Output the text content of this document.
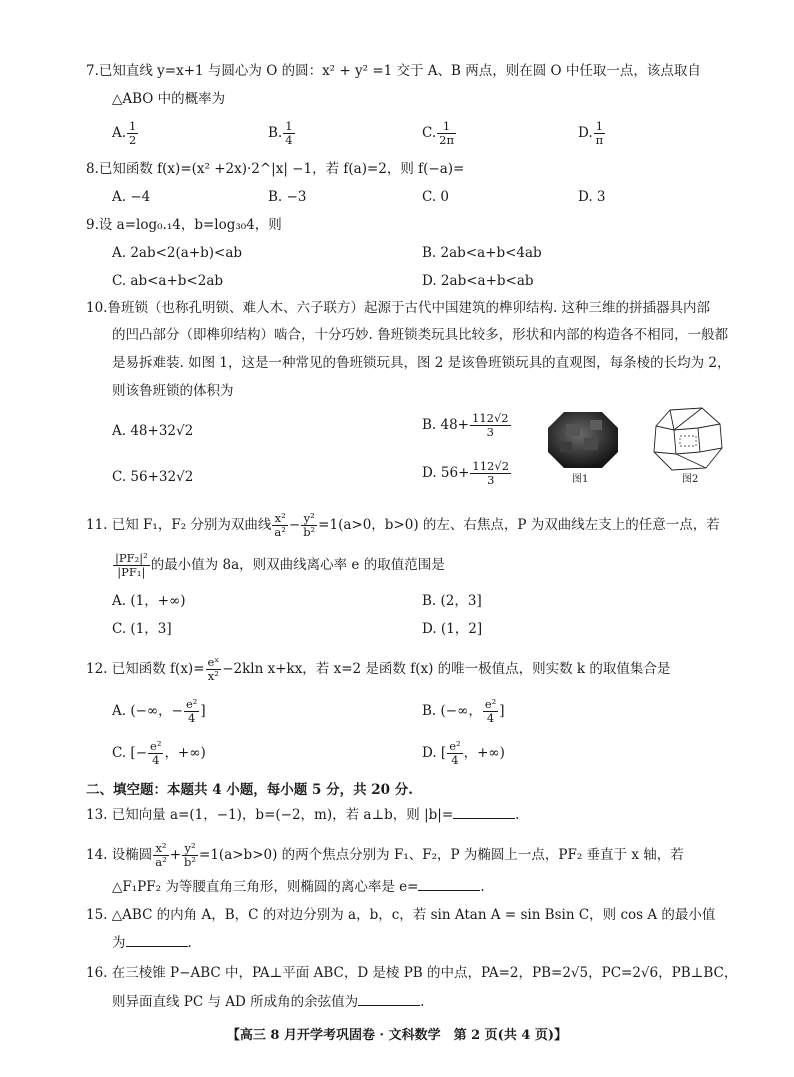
7.已知直线 y=x+1 与圆心为 O 的圆：x² + y² =1 交于 A、B 两点，则在圆 O 中任取一点，该点取自
△ABO 中的概率为
A. $\frac{1}{2}$	B. $\frac{1}{4}$	C. $\frac{1}{2\pi}$	D. $\frac{1}{\pi}$
8.已知函数 f(x)=(x² +2x)·2^|x| −1，若 f(a)=2，则 f(−a)=
A. −4	B. −3	C. 0	D. 3
9.设 a=log₀.₁4，b=log₃₀4，则
A. 2ab<2(a+b)<ab	B. 2ab<a+b<4ab
C. ab<a+b<2ab	D. 2ab<a+b<ab
10.鲁班锁（也称孔明锁、难人木、六子联方）起源于古代中国建筑的榫卯结构. 这种三维的拼插器具内部
的凹凸部分（即榫卯结构）啮合，十分巧妙. 鲁班锁类玩具比较多，形状和内部的构造各不相同，一般都
是易拆难装. 如图 1，这是一种常见的鲁班锁玩具，图 2 是该鲁班锁玩具的直观图，每条棱的长均为 2，
则该鲁班锁的体积为
A. 48+32√2	B. $48+ \frac{112√2}{3}$
C. 56+32√2	D. $56+ \frac{112√2}{3}$	图1	图2
11. 已知 F₁，F₂ 分别为双曲线 $\frac{\text{x²}}{\text{a²}} - \frac{\text{y²}}{\text{b²}} =1(a>0$，b>0) 的左、右焦点，P 为双曲线左支上的任意一点，若
$\frac{\text{|PF₂|²}}{\text{|PF₁|}}$ 的最小值为 8a，则双曲线离心率 e 的取值范围是
A. (1，+∞)	B. (2，3]
C. (1，3]	D. (1，2]
12. 已知函数 $f(x)= \frac{\text{eˣ}}{\text{x²}} -2kln$ x+kx，若 x=2 是函数 f(x) 的唯一极值点，则实数 k 的取值集合是
A. (−∞，− $\frac{\text{e²}}{4}$ ]	B. (−∞， $\frac{\text{e²}}{4}$ ]
C. [− $\frac{\text{e²}}{4}$ ，+∞)	D. [ $\frac{\text{e²}}{4}$ ，+∞)
二、填空题：本题共 4 小题，每小题 5 分，共 20 分.
13. 已知向量 a=(1，−1)，b=(−2，m)，若 a⊥b，则 |b|=	.
14. 设椭圆 $\frac{\text{x²}}{\text{a²}} + \frac{\text{y²}}{\text{b²}} =1(a>b>0)$ 的两个焦点分别为 F₁、F₂，P 为椭圆上一点，PF₂ 垂直于 x 轴，若
△F₁PF₂ 为等腰直角三角形，则椭圆的离心率是 e=	.
15. △ABC 的内角 A，B，C 的对边分别为 a，b，c，若 sin Atan A = sin Bsin C，则 cos A 的最小值
为	.
16. 在三棱锥 P−ABC 中，PA⊥平面 ABC，D 是棱 PB 的中点，PA=2，PB=2√5，PC=2√6，PB⊥BC，
则异面直线 PC 与 AD 所成角的余弦值为	.
【高三 8 月开学考巩固卷 · 文科数学　第 2 页(共 4 页)】
